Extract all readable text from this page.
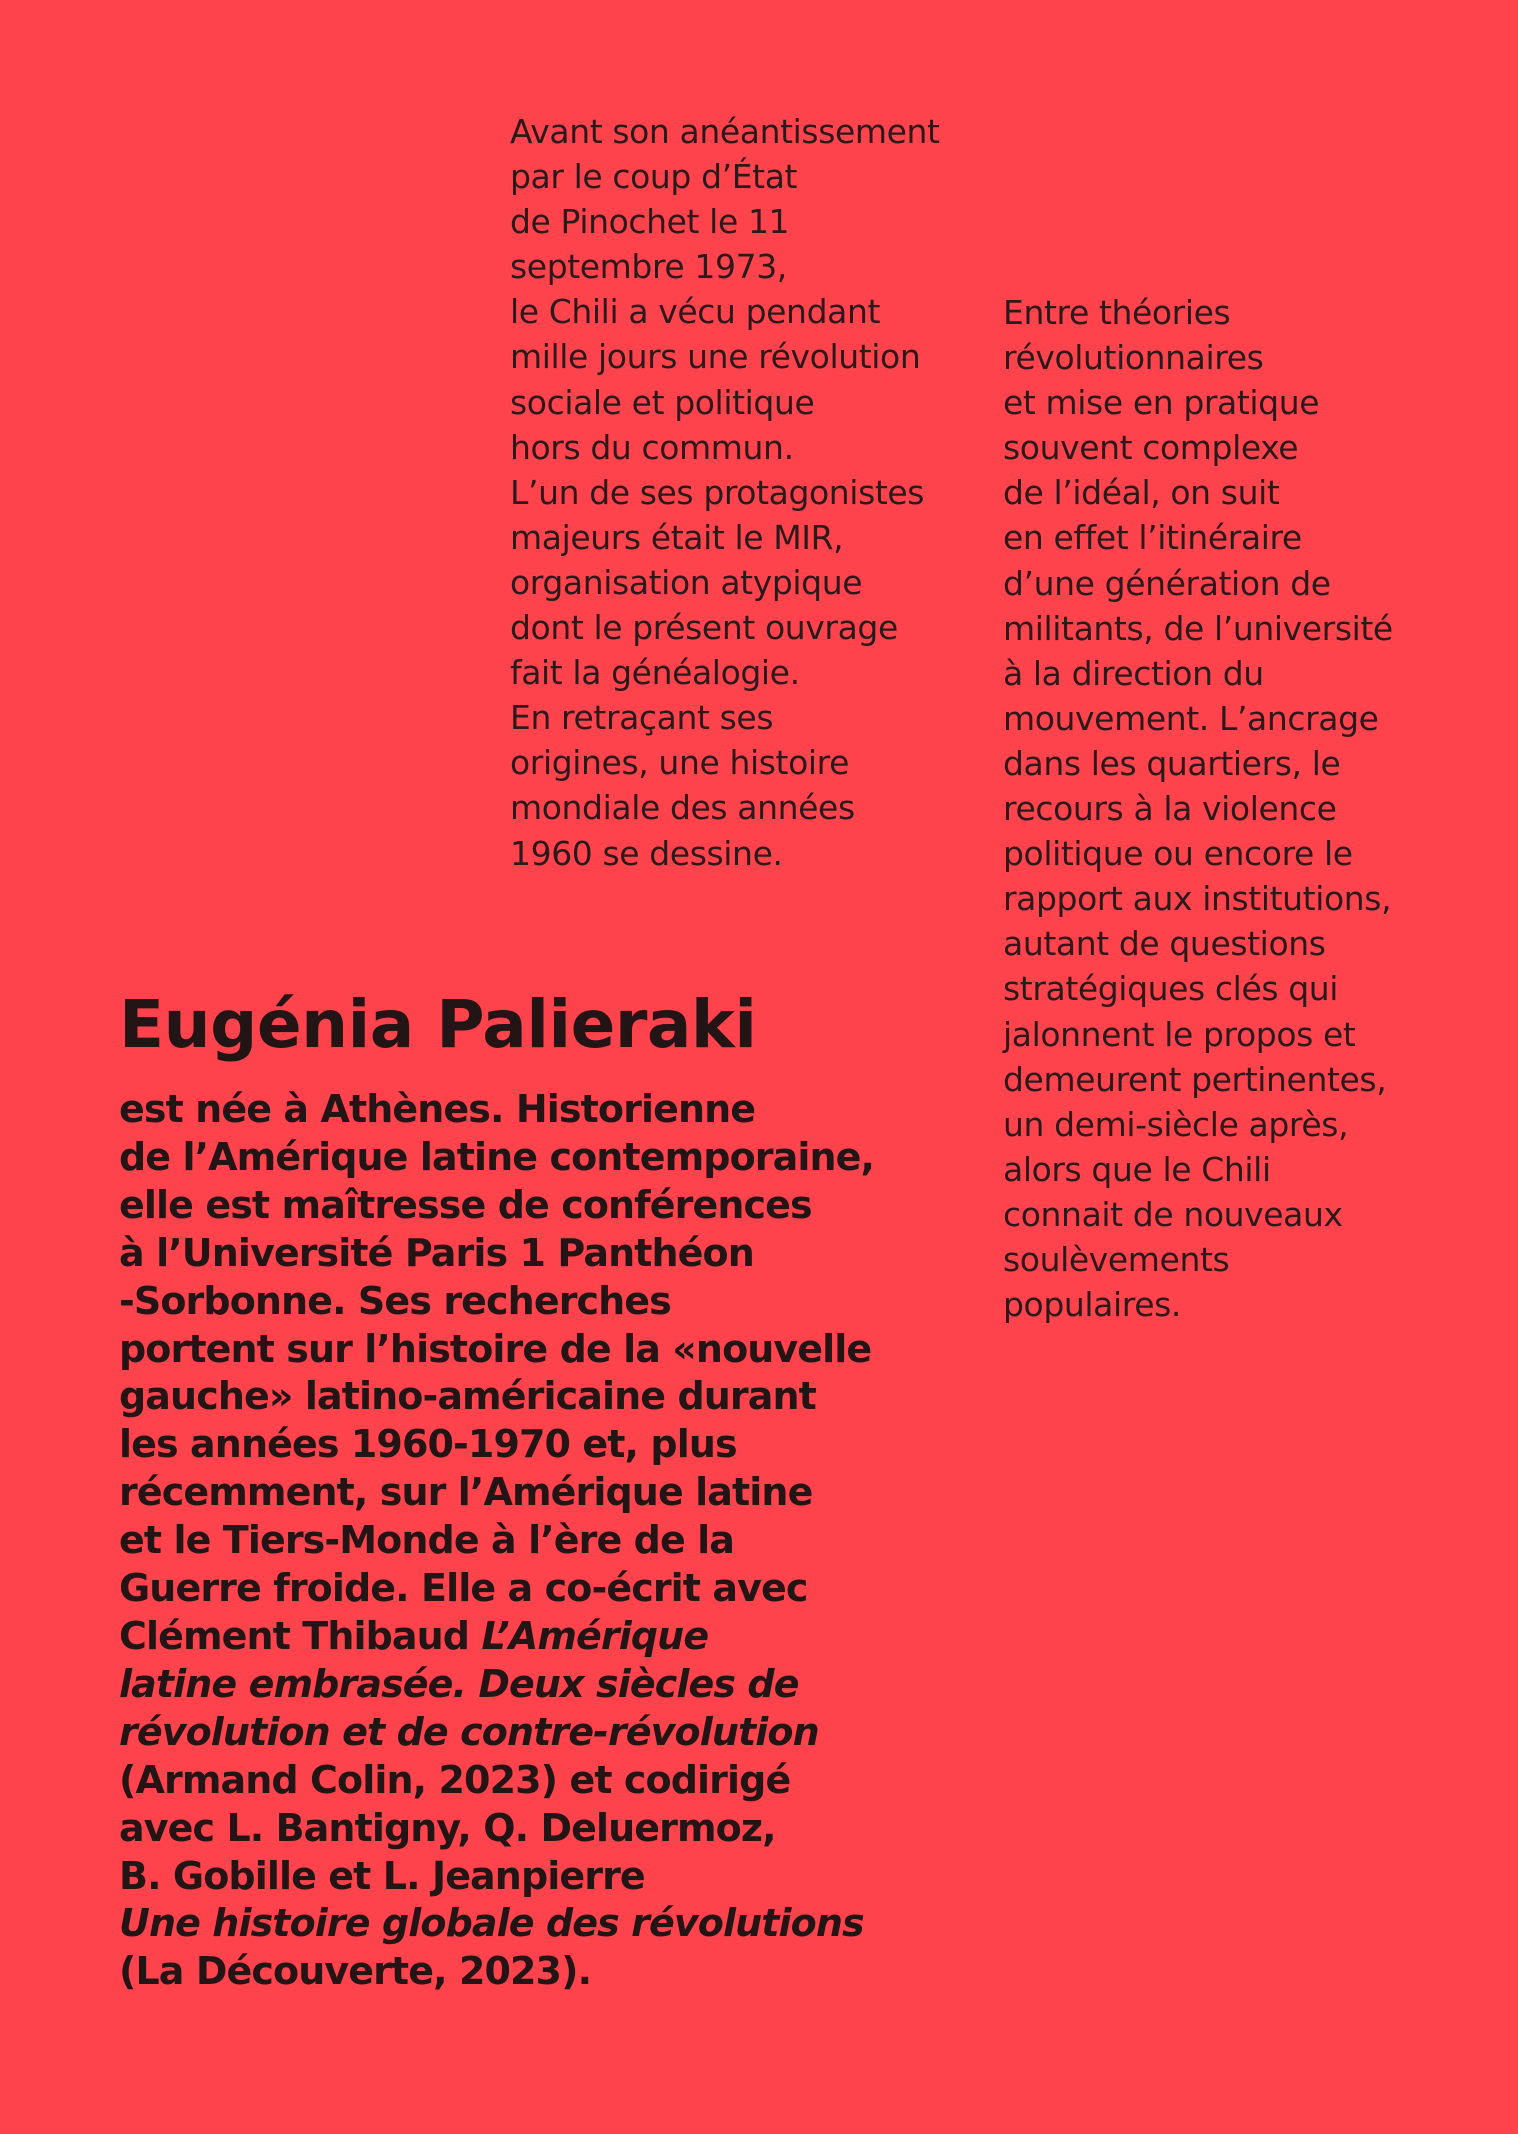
Avant son anéantissement
par le coup d’État
de Pinochet le 11
septembre 1973,
le Chili a vécu pendant
mille jours une révolution
sociale et politique
hors du commun.
L’un de ses protagonistes
majeurs était le MIR,
organisation atypique
dont le présent ouvrage
fait la généalogie.
En retraçant ses
origines, une histoire
mondiale des années
1960 se dessine.
Entre théories
révolutionnaires
et mise en pratique
souvent complexe
de l’idéal, on suit
en effet l’itinéraire
d’une génération de
militants, de l’université
à la direction du
mouvement. L’ancrage
dans les quartiers, le
recours à la violence
politique ou encore le
rapport aux institutions,
autant de questions
stratégiques clés qui
jalonnent le propos et
demeurent pertinentes,
un demi-siècle après,
alors que le Chili
connait de nouveaux
soulèvements
populaires.
Eugénia Palieraki
est née à Athènes. Historienne
de l’Amérique latine contemporaine,
elle est maîtresse de conférences
à l’Université Paris 1 Panthéon
-Sorbonne. Ses recherches
portent sur l’histoire de la «nouvelle
gauche» latino-américaine durant
les années 1960-1970 et, plus
récemment, sur l’Amérique latine
et le Tiers-Monde à l’ère de la
Guerre froide. Elle a co-écrit avec
Clément Thibaud L’Amérique
latine embrasée. Deux siècles de
révolution et de contre-révolution
(Armand Colin, 2023) et codirigé
avec L. Bantigny, Q. Deluermoz,
B. Gobille et L. Jeanpierre
Une histoire globale des révolutions
(La Découverte, 2023).
